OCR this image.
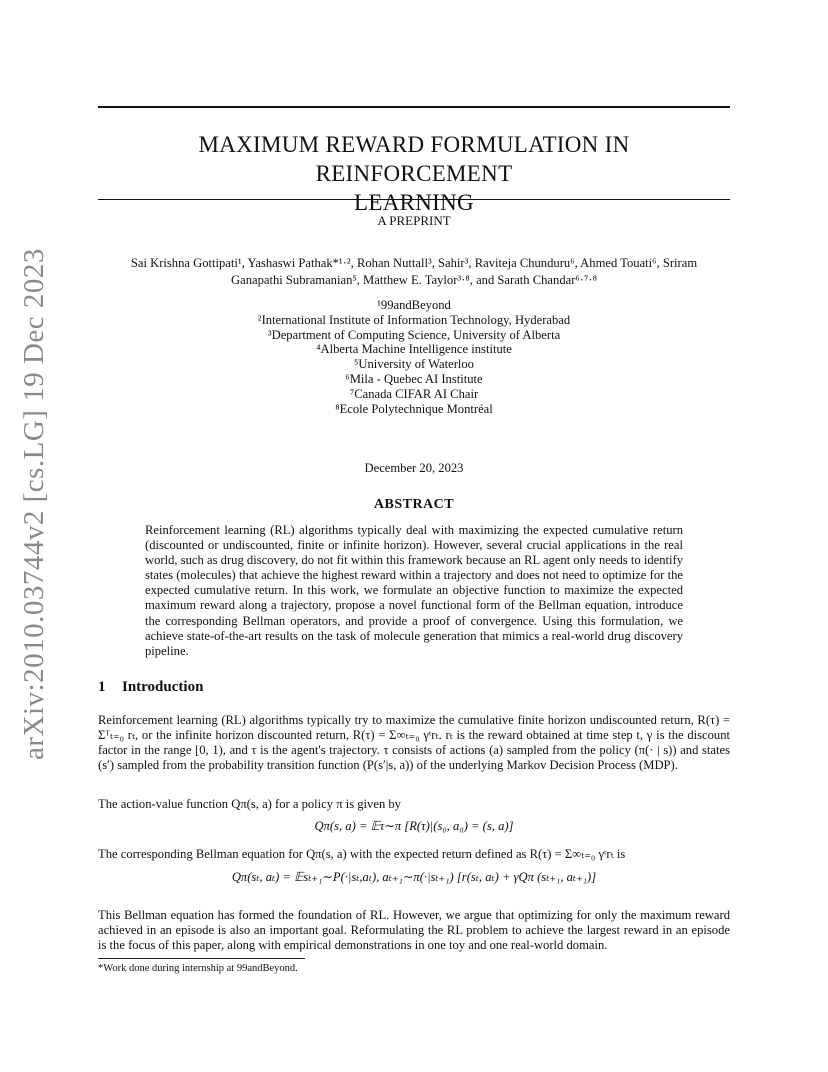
arXiv:2010.03744v2 [cs.LG] 19 Dec 2023
MAXIMUM REWARD FORMULATION IN REINFORCEMENT
LEARNING
A PREPRINT
Sai Krishna Gottipati¹, Yashaswi Pathak*¹·², Rohan Nuttall³, Sahir³, Raviteja Chunduru⁶, Ahmed Touati⁶, Sriram
Ganapathi Subramanian⁵, Matthew E. Taylor³·⁸, and Sarath Chandar⁶·⁷·⁸
¹99andBeyond
²International Institute of Information Technology, Hyderabad
³Department of Computing Science, University of Alberta
⁴Alberta Machine Intelligence institute
⁵University of Waterloo
⁶Mila - Quebec AI Institute
⁷Canada CIFAR AI Chair
⁸Ecole Polytechnique Montréal
December 20, 2023
ABSTRACT
Reinforcement learning (RL) algorithms typically deal with maximizing the expected cumulative return (discounted or undiscounted, finite or infinite horizon). However, several crucial applications in the real world, such as drug discovery, do not fit within this framework because an RL agent only needs to identify states (molecules) that achieve the highest reward within a trajectory and does not need to optimize for the expected cumulative return. In this work, we formulate an objective function to maximize the expected maximum reward along a trajectory, propose a novel functional form of the Bellman equation, introduce the corresponding Bellman operators, and provide a proof of convergence. Using this formulation, we achieve state-of-the-art results on the task of molecule generation that mimics a real-world drug discovery pipeline.
1 Introduction
Reinforcement learning (RL) algorithms typically try to maximize the cumulative finite horizon undiscounted return, R(τ) = Σᵀₜ₌₀ rₜ, or the infinite horizon discounted return, R(τ) = Σ∞ₜ₌₀ γᵗrₜ. rₜ is the reward obtained at time step t, γ is the discount factor in the range [0, 1), and τ is the agent's trajectory. τ consists of actions (a) sampled from the policy (π(· | s)) and states (s′) sampled from the probability transition function (P(s′|s, a)) of the underlying Markov Decision Process (MDP).
The action-value function Qπ(s, a) for a policy π is given by
Qπ(s, a) = 𝔼τ∼π [R(τ)|(s₀, a₀) = (s, a)]
The corresponding Bellman equation for Qπ(s, a) with the expected return defined as R(τ) = Σ∞ₜ₌₀ γᵗrₜ is
Qπ(sₜ, aₜ) = 𝔼sₜ₊₁∼P(·|sₜ,aₜ), aₜ₊₁∼π(·|sₜ₊₁) [r(sₜ, aₜ) + γQπ (sₜ₊₁, aₜ₊₁)]
This Bellman equation has formed the foundation of RL. However, we argue that optimizing for only the maximum reward achieved in an episode is also an important goal. Reformulating the RL problem to achieve the largest reward in an episode is the focus of this paper, along with empirical demonstrations in one toy and one real-world domain.
*Work done during internship at 99andBeyond.
